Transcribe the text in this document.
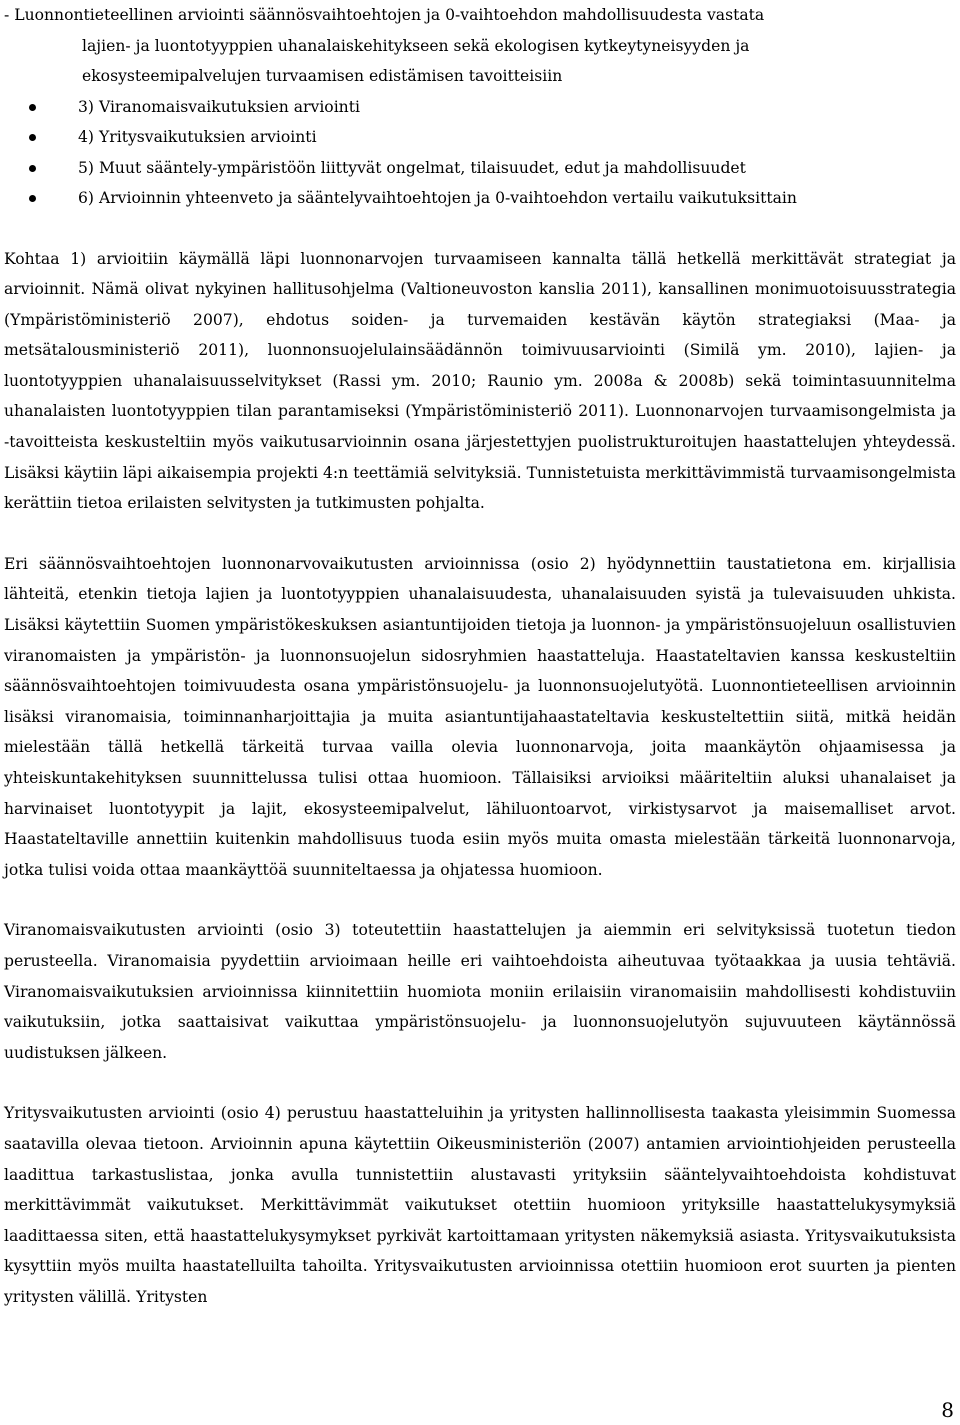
- Luonnontieteellinen arviointi säännösvaihtoehtojen ja 0-vaihtoehdon mahdollisuudesta vastata
lajien- ja luontotyyppien uhanalaiskehitykseen sekä ekologisen kytkeytyneisyyden ja
ekosysteemipalvelujen turvaamisen edistämisen tavoitteisiin
3) Viranomaisvaikutuksien arviointi
4) Yritysvaikutuksien arviointi
5) Muut sääntely-ympäristöön liittyvät ongelmat, tilaisuudet, edut ja mahdollisuudet
6) Arvioinnin yhteenveto ja sääntelyvaihtoehtojen ja 0-vaihtoehdon vertailu vaikutuksittain

Kohtaa 1) arvioitiin käymällä läpi luonnonarvojen turvaamiseen kannalta tällä hetkellä merkittävät strategiat ja arvioinnit. Nämä olivat nykyinen hallitusohjelma (Valtioneuvoston kanslia 2011), kansallinen monimuotoisuusstrategia (Ympäristöministeriö 2007), ehdotus soiden- ja turvemaiden kestävän käytön strategiaksi (Maa- ja metsätalousministeriö 2011), luonnonsuojelulainsäädännön toimivuusarviointi (Similä ym. 2010), lajien- ja luontotyyppien uhanalaisuusselvitykset (Rassi ym. 2010; Raunio ym. 2008a & 2008b) sekä toimintasuunnitelma uhanalaisten luontotyyppien tilan parantamiseksi (Ympäristöministeriö 2011). Luonnonarvojen turvaamisongelmista ja -tavoitteista keskusteltiin myös vaikutusarvioinnin osana järjestettyjen puolistrukturoitujen haastattelujen yhteydessä. Lisäksi käytiin läpi aikaisempia projekti 4:n teettämiä selvityksiä. Tunnistetuista merkittävimmistä turvaamisongelmista kerättiin tietoa erilaisten selvitysten ja tutkimusten pohjalta.

Eri säännösvaihtoehtojen luonnonarvovaikutusten arvioinnissa (osio 2) hyödynnettiin taustatietona em. kirjallisia lähteitä, etenkin tietoja lajien ja luontotyyppien uhanalaisuudesta, uhanalaisuuden syistä ja tulevaisuuden uhkista. Lisäksi käytettiin Suomen ympäristökeskuksen asiantuntijoiden tietoja ja luonnon- ja ympäristönsuojeluun osallistuvien viranomaisten ja ympäristön- ja luonnonsuojelun sidosryhmien haastatteluja. Haastateltavien kanssa keskusteltiin säännösvaihtoehtojen toimivuudesta osana ympäristönsuojelu- ja luonnonsuojelutyötä. Luonnontieteellisen arvioinnin lisäksi viranomaisia, toiminnanharjoittajia ja muita asiantuntijahaastateltavia keskusteltettiin siitä, mitkä heidän mielestään tällä hetkellä tärkeitä turvaa vailla olevia luonnonarvoja, joita maankäytön ohjaamisessa ja yhteiskuntakehityksen suunnittelussa tulisi ottaa huomioon. Tällaisiksi arvioiksi määriteltiin aluksi uhanalaiset ja harvinaiset luontotyypit ja lajit, ekosysteemipalvelut, lähiluontoarvot, virkistysarvot ja maisemalliset arvot. Haastateltaville annettiin kuitenkin mahdollisuus tuoda esiin myös muita omasta mielestään tärkeitä luonnonarvoja, jotka tulisi voida ottaa maankäyttöä suunniteltaessa ja ohjatessa huomioon.

Viranomaisvaikutusten arviointi (osio 3) toteutettiin haastattelujen ja aiemmin eri selvityksissä tuotetun tiedon perusteella. Viranomaisia pyydettiin arvioimaan heille eri vaihtoehdoista aiheutuvaa työtaakkaa ja uusia tehtäviä. Viranomaisvaikutuksien arvioinnissa kiinnitettiin huomiota moniin erilaisiin viranomaisiin mahdollisesti kohdistuviin vaikutuksiin, jotka saattaisivat vaikuttaa ympäristönsuojelu- ja luonnonsuojelutyön sujuvuuteen käytännössä uudistuksen jälkeen.

Yritysvaikutusten arviointi (osio 4) perustuu haastatteluihin ja yritysten hallinnollisesta taakasta yleisimmin Suomessa saatavilla olevaa tietoon. Arvioinnin apuna käytettiin Oikeusministeriön (2007) antamien arviointiohjeiden perusteella laadittua tarkastuslistaa, jonka avulla tunnistettiin alustavasti yrityksiin sääntelyvaihtoehdoista kohdistuvat merkittävimmät vaikutukset. Merkittävimmät vaikutukset otettiin huomioon yrityksille haastattelukysymyksiä laadittaessa siten, että haastattelukysymykset pyrkivät kartoittamaan yritysten näkemyksiä asiasta. Yritysvaikutuksista kysyttiin myös muilta haastatelluilta tahoilta. Yritysvaikutusten arvioinnissa otettiin huomioon erot suurten ja pienten yritysten välillä. Yritysten

8
